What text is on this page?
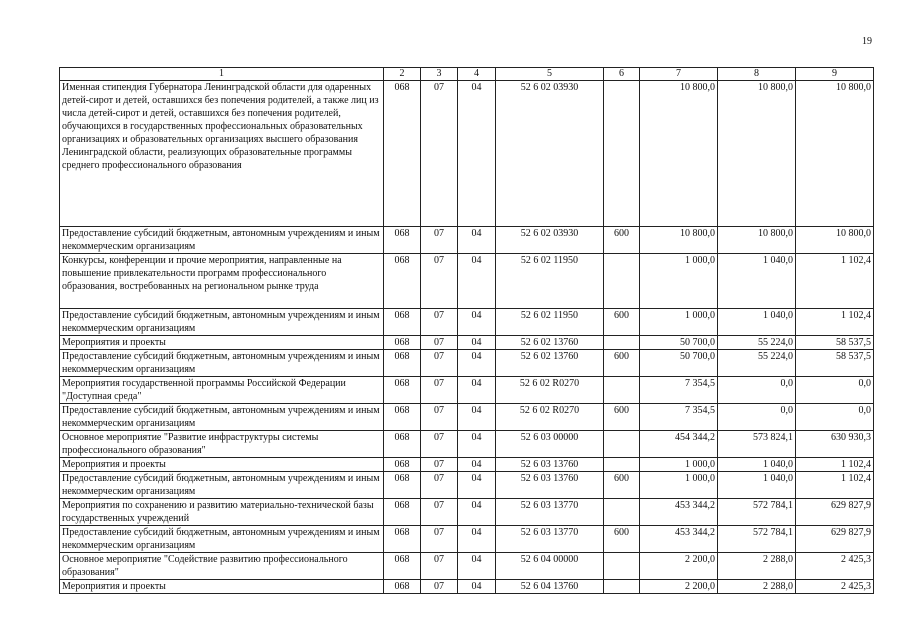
19
1	2	3	4	5	6	7	8	9
Именная стипендия Губернатора Ленинградской области для одаренных детей-сирот и детей, оставшихся без попечения родителей, а также лиц из числа детей-сирот и детей, оставшихся без попечения родителей, обучающихся в государственных профессиональных образовательных организациях и образовательных организациях высшего образования Ленинградской области, реализующих образовательные программы среднего профессионального образования	068	07	04	52 6 02 03930		10 800,0	10 800,0	10 800,0
Предоставление субсидий бюджетным, автономным учреждениям и иным некоммерческим организациям	068	07	04	52 6 02 03930	600	10 800,0	10 800,0	10 800,0
Конкурсы, конференции и прочие мероприятия, направленные на повышение привлекательности программ профессионального образования, востребованных на региональном рынке труда	068	07	04	52 6 02 11950		1 000,0	1 040,0	1 102,4
Предоставление субсидий бюджетным, автономным учреждениям и иным некоммерческим организациям	068	07	04	52 6 02 11950	600	1 000,0	1 040,0	1 102,4
Мероприятия и проекты	068	07	04	52 6 02 13760		50 700,0	55 224,0	58 537,5
Предоставление субсидий бюджетным, автономным учреждениям и иным некоммерческим организациям	068	07	04	52 6 02 13760	600	50 700,0	55 224,0	58 537,5
Мероприятия государственной программы Российской Федерации "Доступная среда"	068	07	04	52 6 02 R0270		7 354,5	0,0	0,0
Предоставление субсидий бюджетным, автономным учреждениям и иным некоммерческим организациям	068	07	04	52 6 02 R0270	600	7 354,5	0,0	0,0
Основное мероприятие "Развитие инфраструктуры системы профессионального образования"	068	07	04	52 6 03 00000		454 344,2	573 824,1	630 930,3
Мероприятия и проекты	068	07	04	52 6 03 13760		1 000,0	1 040,0	1 102,4
Предоставление субсидий бюджетным, автономным учреждениям и иным некоммерческим организациям	068	07	04	52 6 03 13760	600	1 000,0	1 040,0	1 102,4
Мероприятия по сохранению и развитию материально-технической базы государственных учреждений	068	07	04	52 6 03 13770		453 344,2	572 784,1	629 827,9
Предоставление субсидий бюджетным, автономным учреждениям и иным некоммерческим организациям	068	07	04	52 6 03 13770	600	453 344,2	572 784,1	629 827,9
Основное мероприятие "Содействие развитию профессионального образования"	068	07	04	52 6 04 00000		2 200,0	2 288,0	2 425,3
Мероприятия и проекты	068	07	04	52 6 04 13760		2 200,0	2 288,0	2 425,3
